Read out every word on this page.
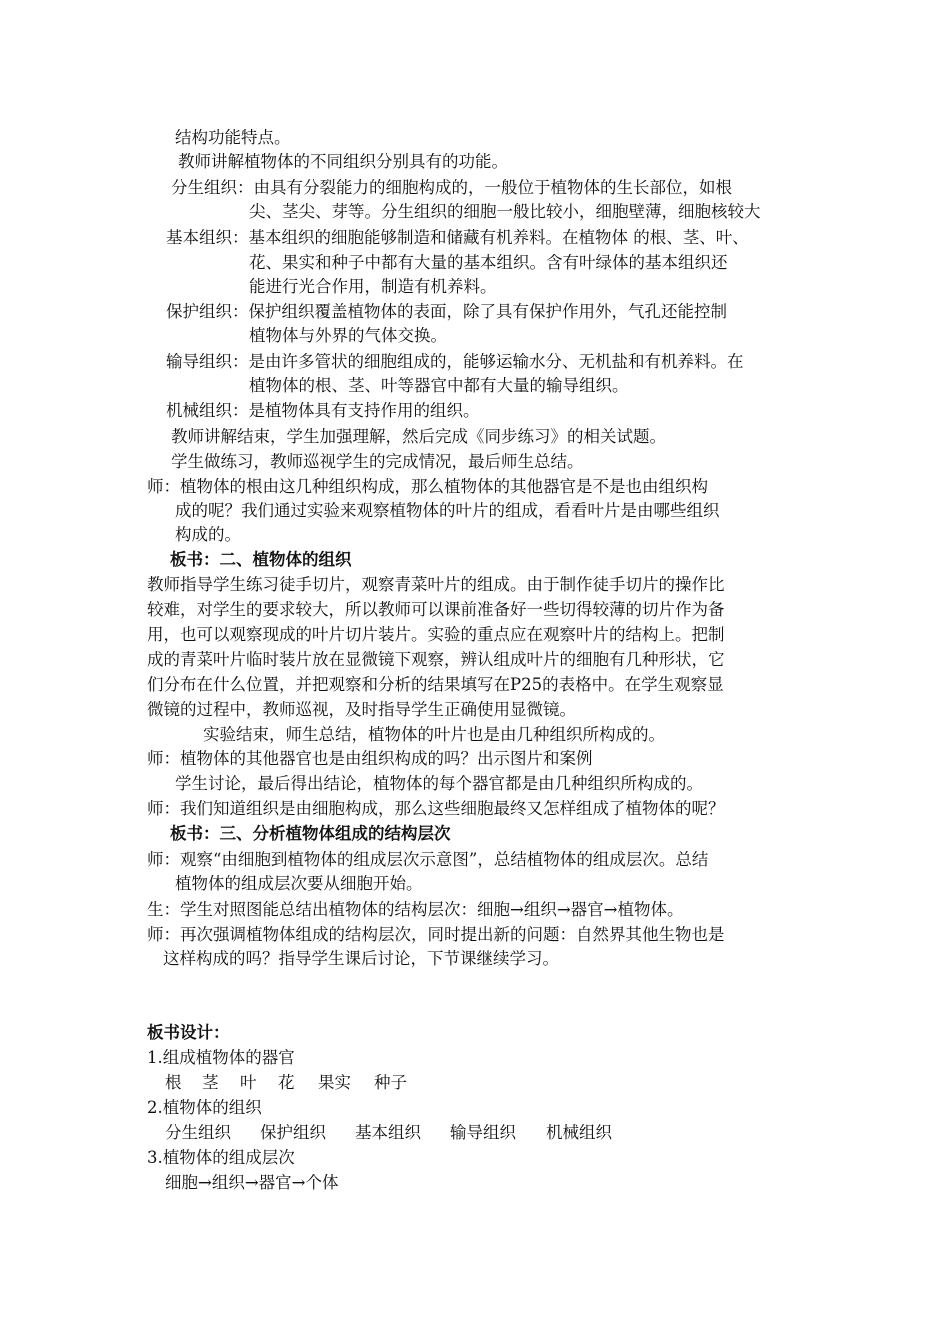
结构功能特点。
教师讲解植物体的不同组织分别具有的功能。
分生组织：由具有分裂能力的细胞构成的，一般位于植物体的生长部位，如根
尖、茎尖、芽等。分生组织的细胞一般比较小，细胞壁薄，细胞核较大
基本组织：基本组织的细胞能够制造和储藏有机养料。在植物体 的根、茎、叶、
花、果实和种子中都有大量的基本组织。含有叶绿体的基本组织还
能进行光合作用，制造有机养料。
保护组织：保护组织覆盖植物体的表面，除了具有保护作用外，气孔还能控制
植物体与外界的气体交换。
输导组织：是由许多管状的细胞组成的，能够运输水分、无机盐和有机养料。在
植物体的根、茎、叶等器官中都有大量的输导组织。
机械组织：是植物体具有支持作用的组织。
教师讲解结束，学生加强理解，然后完成《同步练习》的相关试题。
学生做练习，教师巡视学生的完成情况，最后师生总结。
师：植物体的根由这几种组织构成，那么植物体的其他器官是不是也由组织构
成的呢？我们通过实验来观察植物体的叶片的组成，看看叶片是由哪些组织
构成的。
板书：二、植物体的组织
教师指导学生练习徒手切片，观察青菜叶片的组成。由于制作徒手切片的操作比
较难，对学生的要求较大，所以教师可以课前准备好一些切得较薄的切片作为备
用，也可以观察现成的叶片切片装片。实验的重点应在观察叶片的结构上。把制
成的青菜叶片临时装片放在显微镜下观察，辨认组成叶片的细胞有几种形状，它
们分布在什么位置，并把观察和分析的结果填写在P25的表格中。在学生观察显
微镜的过程中，教师巡视，及时指导学生正确使用显微镜。
实验结束，师生总结，植物体的叶片也是由几种组织所构成的。
师：植物体的其他器官也是由组织构成的吗？出示图片和案例
学生讨论，最后得出结论，植物体的每个器官都是由几种组织所构成的。
师：我们知道组织是由细胞构成，那么这些细胞最终又怎样组成了植物体的呢？
板书：三、分析植物体组成的结构层次
师：观察“由细胞到植物体的组成层次示意图”，总结植物体的组成层次。总结
植物体的组成层次要从细胞开始。
生：学生对照图能总结出植物体的结构层次：细胞→组织→器官→植物体。
师：再次强调植物体组成的结构层次，同时提出新的问题：自然界其他生物也是
这样构成的吗？指导学生课后讨论，下节课继续学习。
板书设计：
1.组成植物体的器官
根 茎 叶 花 果实 种子
2.植物体的组织
分生组织 保护组织 基本组织 输导组织 机械组织
3.植物体的组成层次
细胞→组织→器官→个体
